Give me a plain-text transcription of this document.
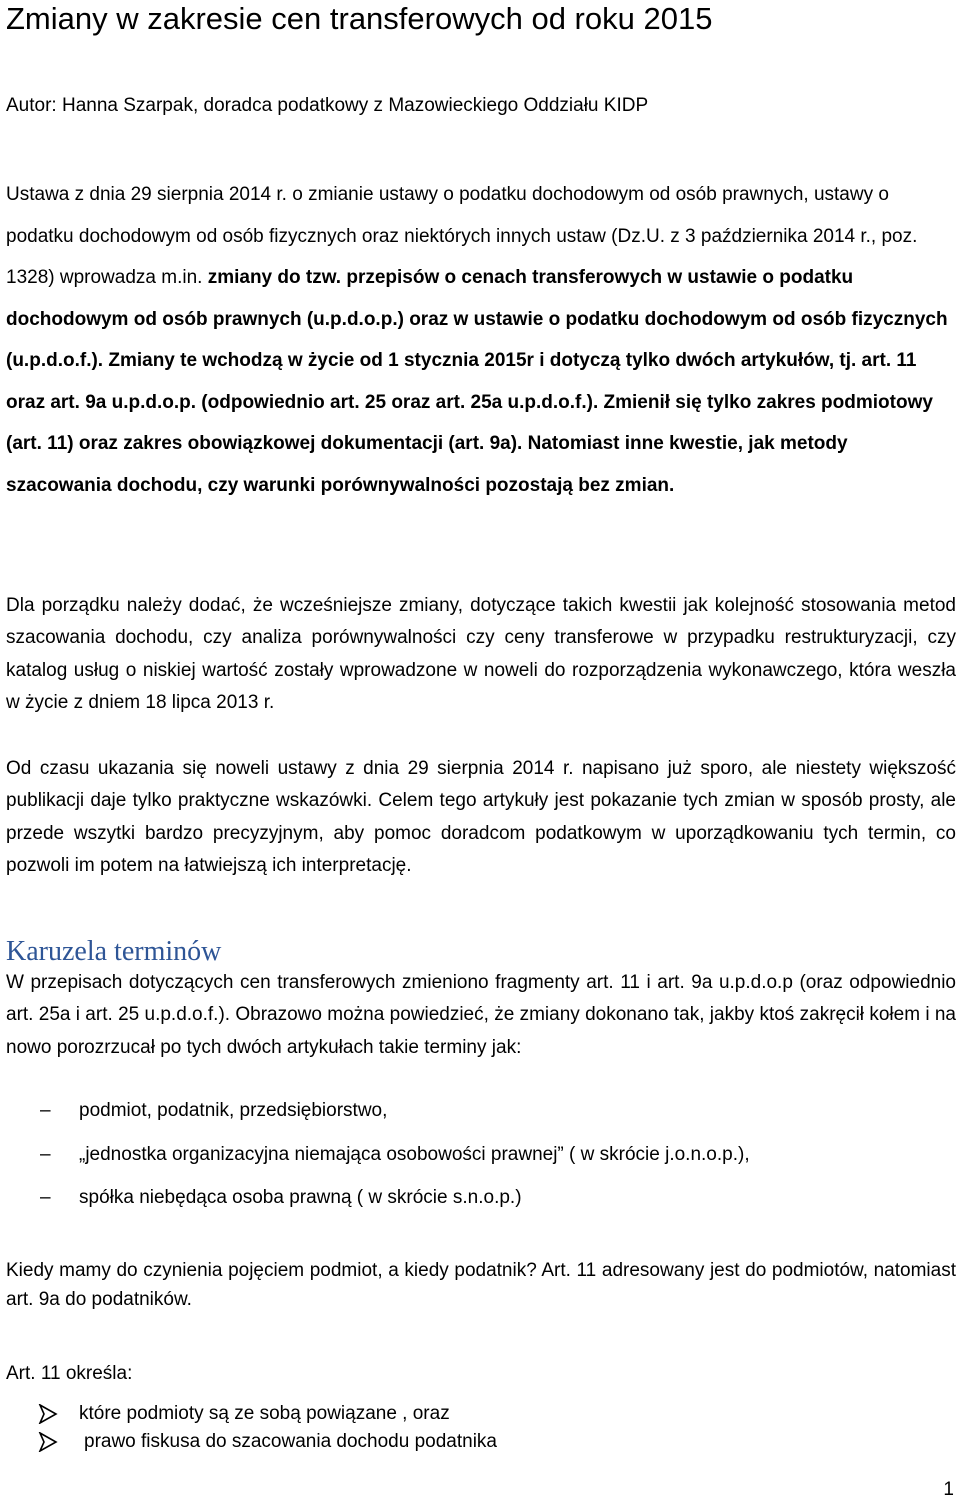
Zmiany w zakresie cen transferowych od roku 2015

Autor: Hanna Szarpak, doradca podatkowy z Mazowieckiego Oddziału KIDP

Ustawa z dnia 29 sierpnia 2014 r. o zmianie ustawy o podatku dochodowym od osób prawnych, ustawy o podatku dochodowym od osób fizycznych oraz niektórych innych ustaw (Dz.U. z 3 października 2014 r., poz. 1328) wprowadza m.in. zmiany do tzw. przepisów o cenach transferowych w ustawie o podatku dochodowym od osób prawnych (u.p.d.o.p.) oraz w ustawie o podatku dochodowym od osób fizycznych (u.p.d.o.f.). Zmiany te wchodzą w życie od 1 stycznia 2015r i dotyczą tylko dwóch artykułów, tj. art. 11 oraz art. 9a u.p.d.o.p. (odpowiednio art. 25 oraz art. 25a u.p.d.o.f.). Zmienił się tylko zakres podmiotowy (art. 11) oraz zakres obowiązkowej dokumentacji (art. 9a). Natomiast inne kwestie, jak metody szacowania dochodu, czy warunki porównywalności pozostają bez zmian.

Dla porządku należy dodać, że wcześniejsze zmiany, dotyczące takich kwestii jak kolejność stosowania metod szacowania dochodu, czy analiza porównywalności czy ceny transferowe w przypadku restrukturyzacji, czy katalog usług o niskiej wartość zostały wprowadzone w noweli do rozporządzenia wykonawczego, która weszła w życie z dniem 18 lipca 2013 r.

Od czasu ukazania się noweli ustawy z dnia 29 sierpnia 2014 r. napisano już sporo, ale niestety większość publikacji daje tylko praktyczne wskazówki. Celem tego artykuły jest pokazanie tych zmian w sposób prosty, ale przede wszytki bardzo precyzyjnym, aby pomoc doradcom podatkowym w uporządkowaniu tych termin, co pozwoli im potem na łatwiejszą ich interpretację.

Karuzela terminów

W przepisach dotyczących cen transferowych zmieniono fragmenty art. 11 i art. 9a u.p.d.o.p (oraz odpowiednio art. 25a i art. 25 u.p.d.o.f.). Obrazowo można powiedzieć, że zmiany dokonano tak, jakby ktoś zakręcił kołem i na nowo porozrzucał po tych dwóch artykułach takie terminy jak:

– podmiot, podatnik, przedsiębiorstwo,
– „jednostka organizacyjna niemająca osobowości prawnej” ( w skrócie j.o.n.o.p.),
– spółka niebędąca osoba prawną ( w skrócie s.n.o.p.)

Kiedy mamy do czynienia pojęciem podmiot, a kiedy podatnik? Art. 11 adresowany jest do podmiotów, natomiast art. 9a do podatników.

Art. 11 określa:

które podmioty są ze sobą powiązane , oraz
prawo fiskusa do szacowania dochodu podatnika

1
